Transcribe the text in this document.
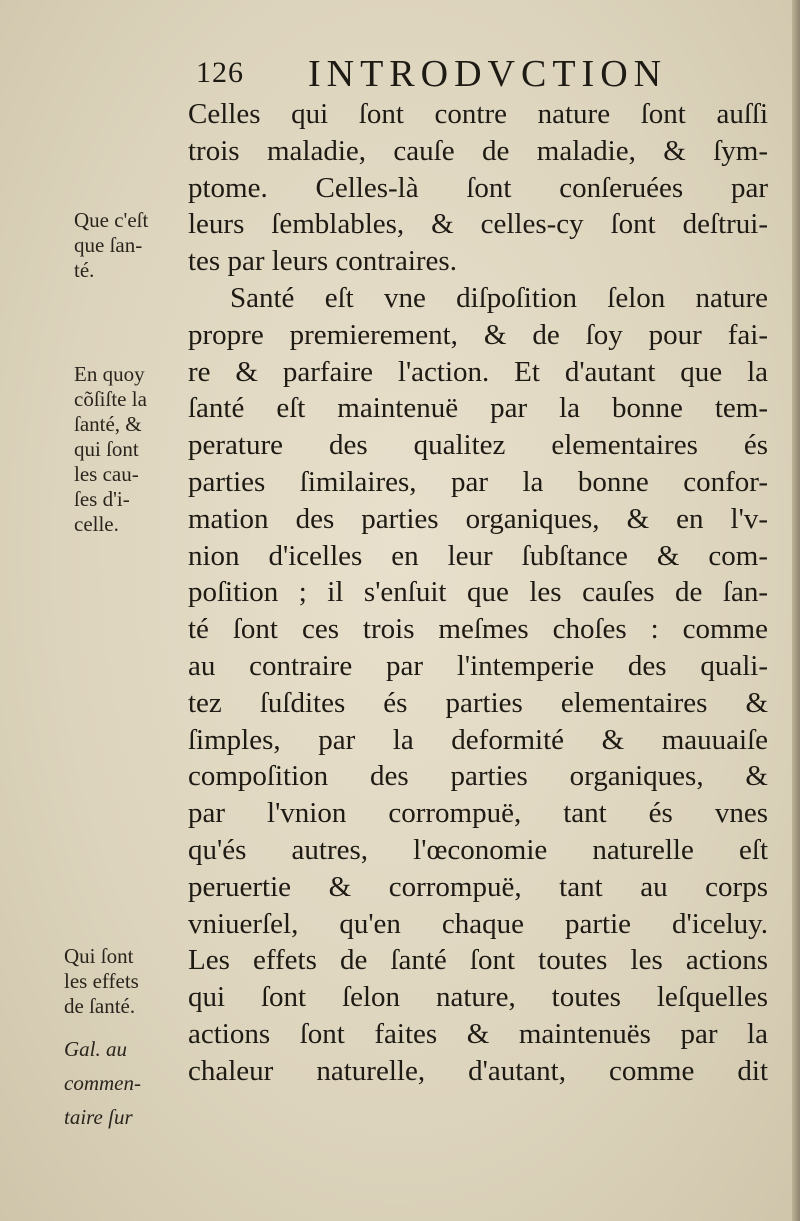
126 INTRODVCTION
Celles qui ſont contre nature ſont auſſi
trois maladie, cauſe de maladie, & ſym-
ptome. Celles-là ſont conſeruées par
leurs ſemblables, & celles-cy ſont deſtrui-
tes par leurs contraires.
Santé eſt vne diſpoſition ſelon nature
propre premierement, & de ſoy pour fai-
re & parfaire l'action. Et d'autant que la
ſanté eſt maintenuë par la bonne tem-
perature des qualitez elementaires és
parties ſimilaires, par la bonne confor-
mation des parties organiques, & en l'v-
nion d'icelles en leur ſubſtance & com-
poſition ; il s'enſuit que les cauſes de ſan-
té ſont ces trois meſmes choſes : comme
au contraire par l'intemperie des quali-
tez ſuſdites és parties elementaires &
ſimples, par la deformité & mauuaiſe
compoſition des parties organiques, &
par l'vnion corrompuë, tant és vnes
qu'és autres, l'œconomie naturelle eſt
peruertie & corrompuë, tant au corps
vniuerſel, qu'en chaque partie d'iceluy.
Les effets de ſanté ſont toutes les actions
qui ſont ſelon nature, toutes leſquelles
actions ſont faites & maintenuës par la
chaleur naturelle, d'autant, comme dit
Que c'eſt
que ſan-
té.
En quoy
cõſiſte la
ſanté, &
qui ſont
les cau-
ſes d'i-
celle.
Qui ſont
les effets
de ſanté.
Gal. au
commen-
taire ſur
